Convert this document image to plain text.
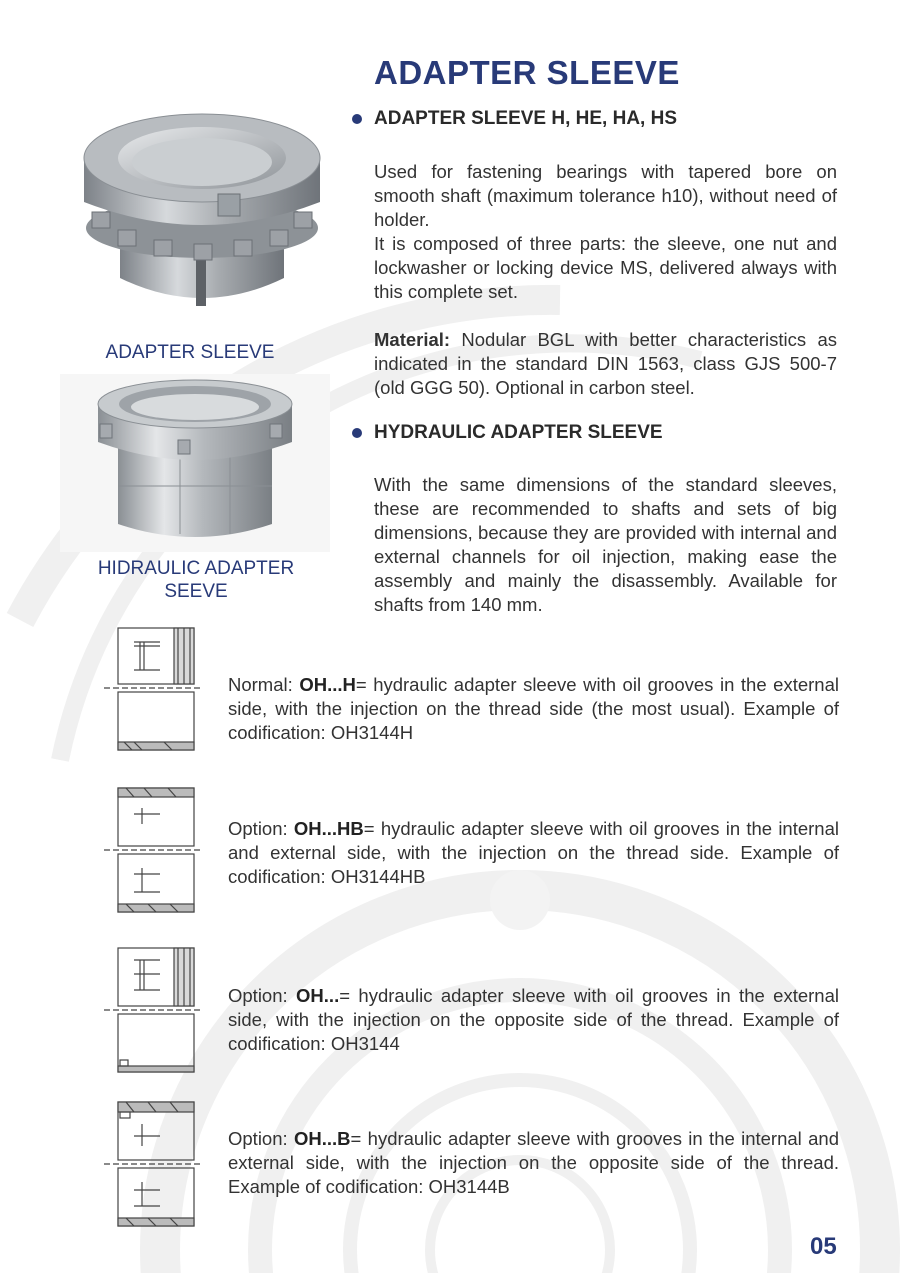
ADAPTER SLEEVE
ADAPTER SLEEVE H, HE, HA, HS

Used for fastening bearings with tapered bore on smooth shaft (maximum tolerance h10), without need of holder.

It is composed of three parts: the sleeve, one nut and lockwasher or locking device MS, delivered always with this complete set.

Material: Nodular BGL with better characteristics as indicated in the standard DIN 1563, class GJS 500-7 (old GGG 50). Optional in carbon steel.

HYDRAULIC ADAPTER SLEEVE

With the same dimensions of the standard sleeves, these are recommended to shafts and sets of big dimensions, because they are provided with internal and external channels for oil injection, making ease the assembly and mainly the disassembly. Available for shafts from 140 mm.

ADAPTER SLEEVE
HIDRAULIC ADAPTER
SEEVE
Normal: OH...H= hydraulic adapter sleeve with oil grooves in the external side, with the injection on the thread side (the most usual). Example of codification: OH3144H
Option: OH...HB= hydraulic adapter sleeve with oil grooves in the internal and external side, with the injection on the thread side. Example of codification: OH3144HB
Option: OH...= hydraulic adapter sleeve with oil grooves in the external side, with the injection on the opposite side of the thread. Example of codification: OH3144
Option: OH...B= hydraulic adapter sleeve with grooves in the internal and external side, with the injection on the opposite side of the thread. Example of codification: OH3144B
05
